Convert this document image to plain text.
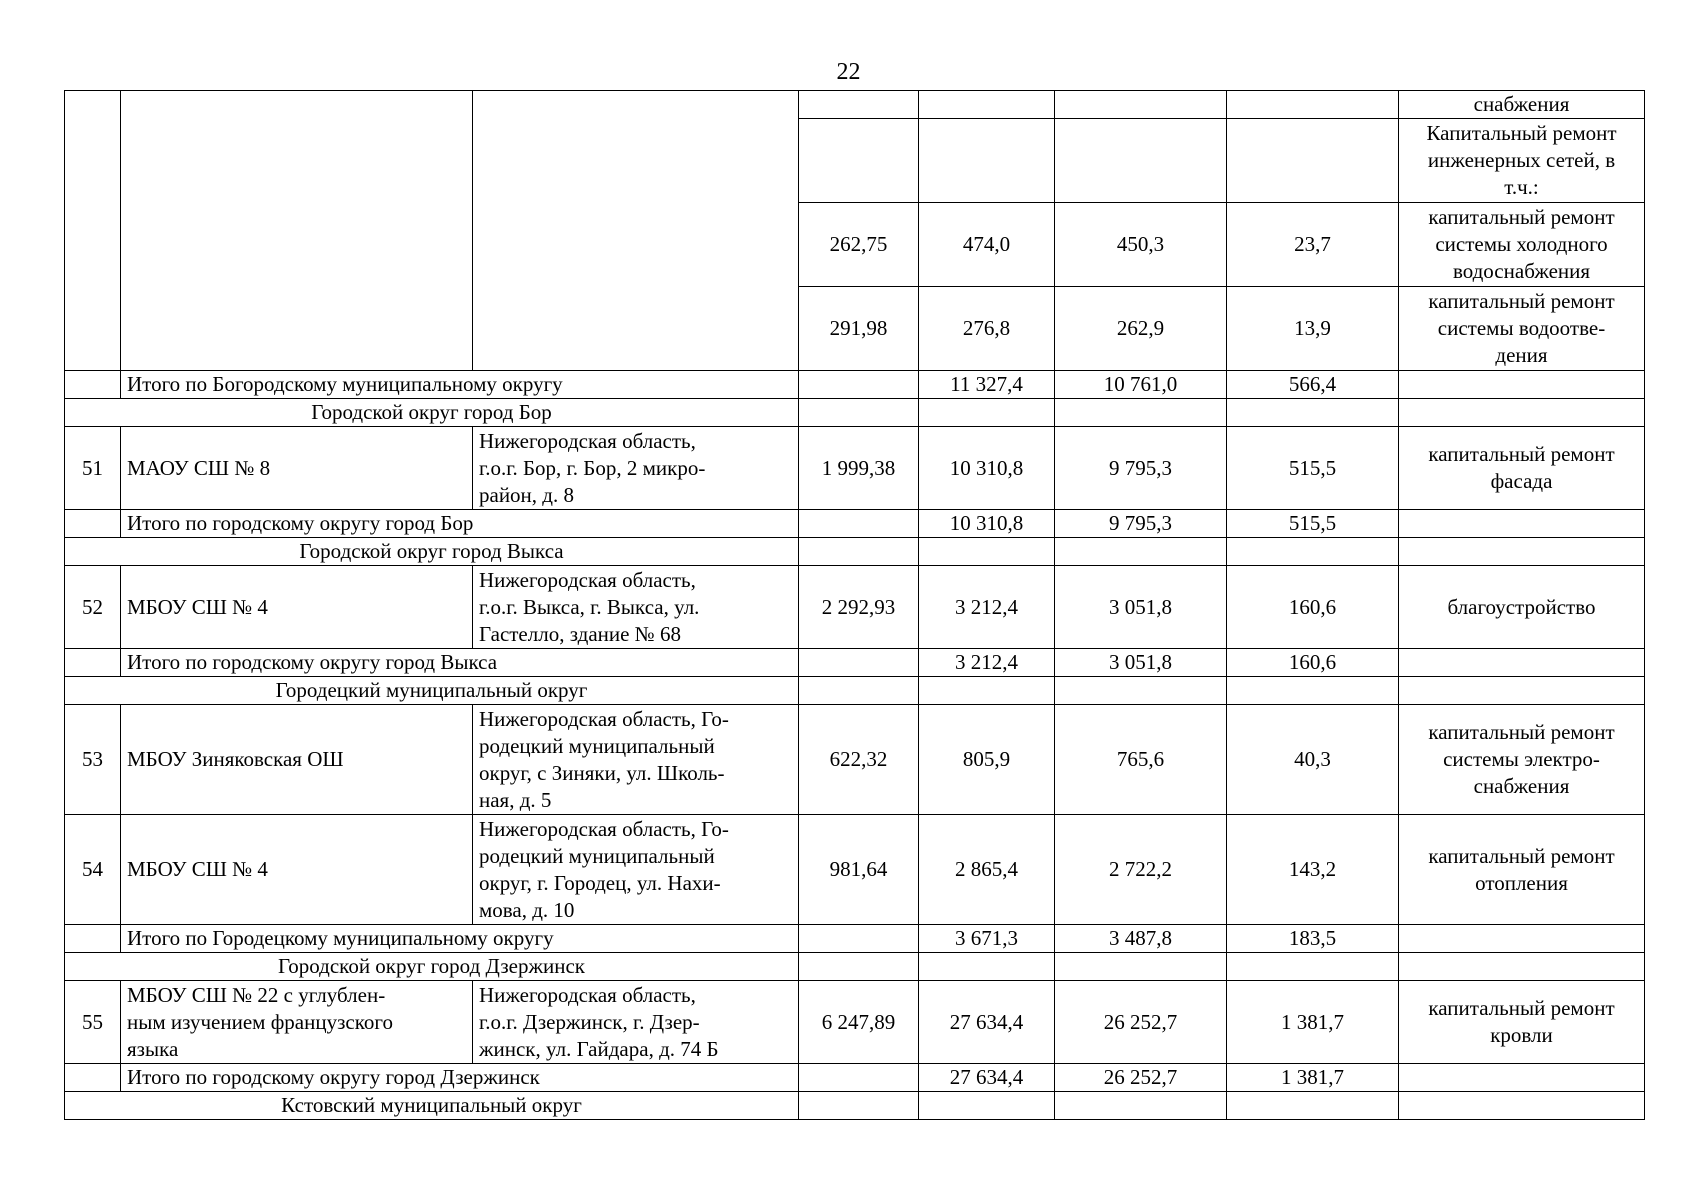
22
							снабжения

							Капитальный ремонт
инженерных сетей, в
т.ч.:

			262,75	474,0	450,3	23,7	капитальный ремонт
системы холодного
водоснабжения

			291,98	276,8	262,9	13,9	капитальный ремонт
системы водоотве-
дения

	Итого по Богородскому муниципальному округу			11 327,4	10 761,0	566,4	
Городской округ город Бор							
51	МАОУ СШ № 8	Нижегородская область,
г.о.г. Бор, г. Бор, 2 микро-
район, д. 8	1 999,38	10 310,8	9 795,3	515,5	капитальный ремонт
фасада

	Итого по городскому округу город Бор			10 310,8	9 795,3	515,5	
Городской округ город Выкса							
52	МБОУ СШ № 4	Нижегородская область,
г.о.г. Выкса, г. Выкса, ул.
Гастелло, здание № 68	2 292,93	3 212,4	3 051,8	160,6	благоустройство

	Итого по городскому округу город Выкса			3 212,4	3 051,8	160,6	
Городецкий муниципальный округ							
53	МБОУ Зиняковская ОШ	Нижегородская область, Го-
родецкий муниципальный
округ, с Зиняки, ул. Школь-
ная, д. 5	622,32	805,9	765,6	40,3	капитальный ремонт
системы электро-
снабжения

54	МБОУ СШ № 4	Нижегородская область, Го-
родецкий муниципальный
округ, г. Городец, ул. Нахи-
мова, д. 10	981,64	2 865,4	2 722,2	143,2	капитальный ремонт
отопления

	Итого по Городецкому муниципальному округу			3 671,3	3 487,8	183,5	
Городской округ город Дзержинск							
55	МБОУ СШ № 22 с углублен-
ным изучением французского
языка	Нижегородская область,
г.о.г. Дзержинск, г. Дзер-
жинск, ул. Гайдара, д. 74 Б	6 247,89	27 634,4	26 252,7	1 381,7	капитальный ремонт
кровли

	Итого по городскому округу город Дзержинск			27 634,4	26 252,7	1 381,7	
Кстовский муниципальный округ							
